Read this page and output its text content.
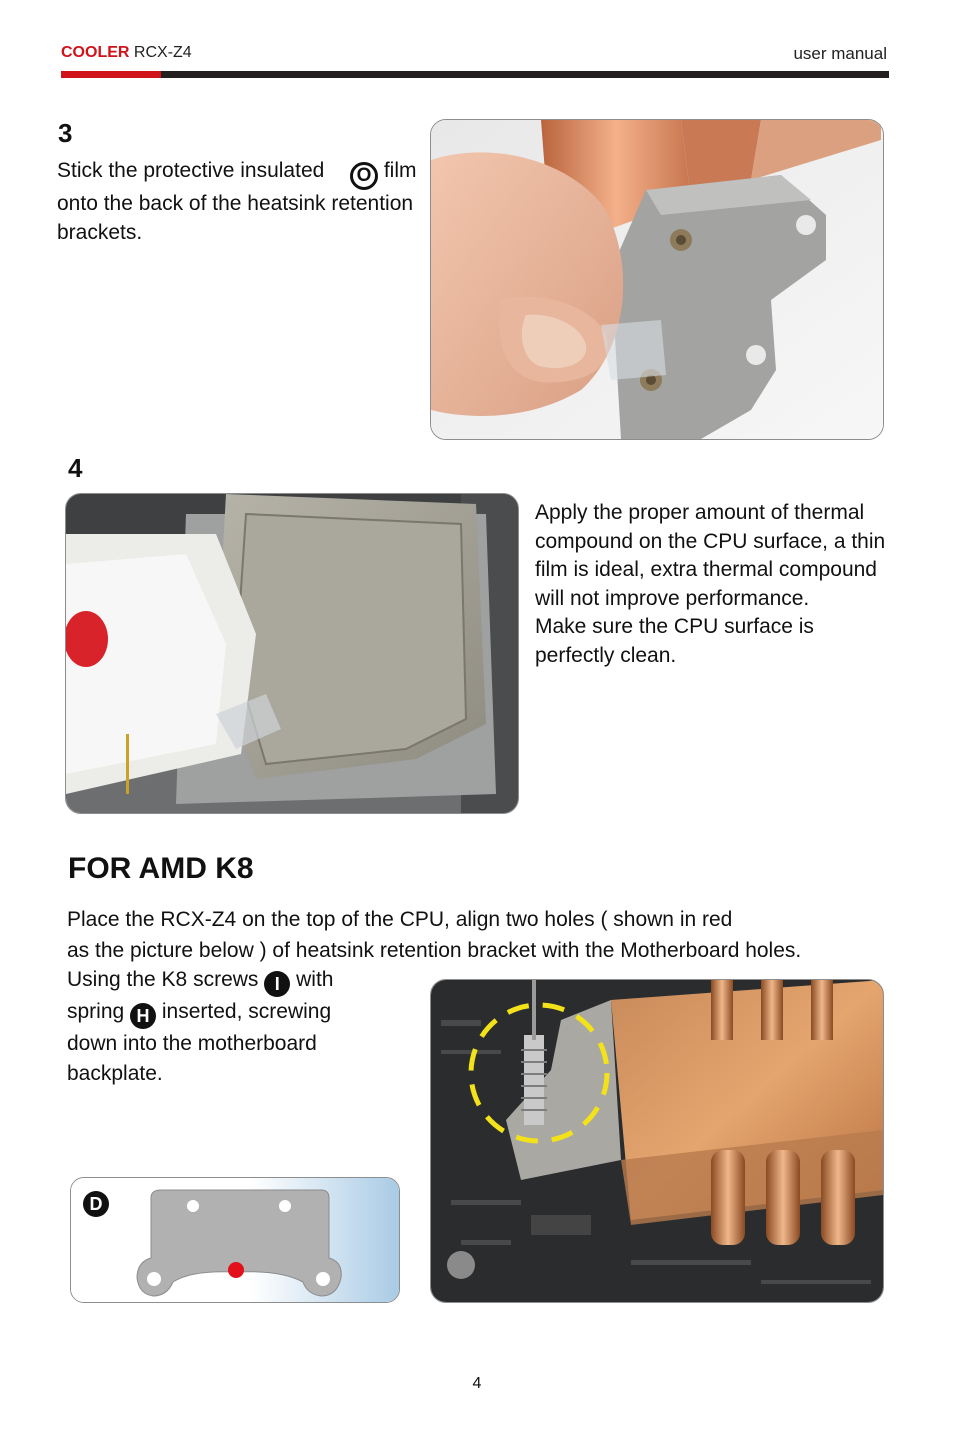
COOLER RCX-Z4	user manual
3
Stick the protective insulated O film onto the back of the heatsink retention brackets.
4
Apply the proper amount of thermal compound on the CPU surface, a thin film is ideal, extra thermal compound will not improve performance.
Make sure the CPU surface is perfectly clean.
FOR AMD K8
Place the RCX-Z4 on the top of the CPU, align two holes ( shown in red
as the picture below ) of heatsink retention bracket with the Motherboard holes.
Using the K8 screws I with spring H inserted, screwing down into the motherboard backplate.
D
4
